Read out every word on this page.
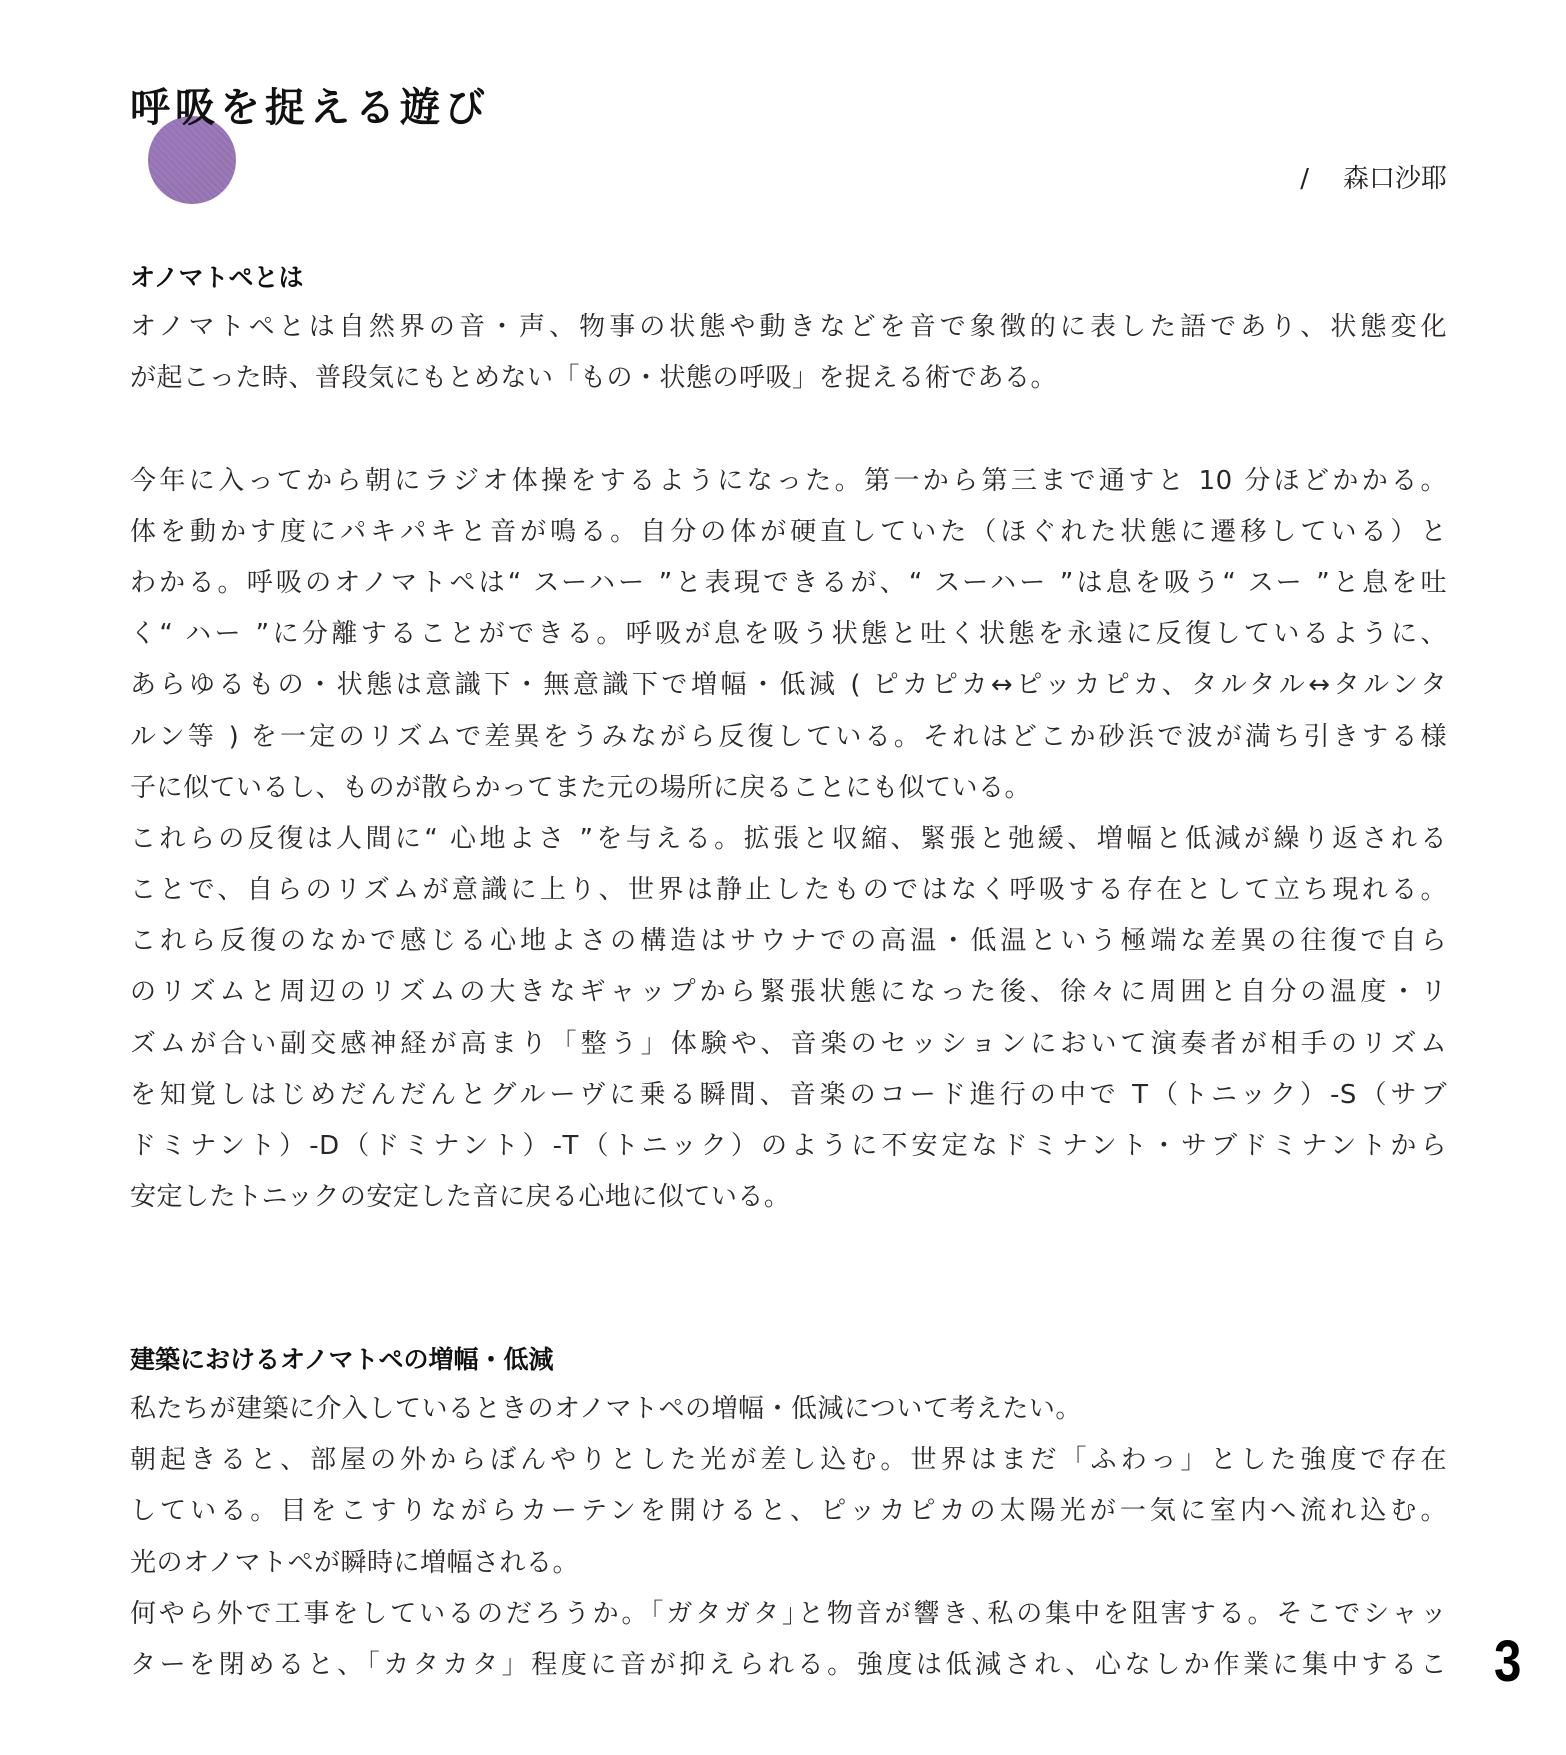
呼吸を捉える遊び
/ 森口沙耶
オノマトペとは
オノマトペとは自然界の音・声、物事の状態や動きなどを音で象徴的に表した語であり、状態変化
が起こった時、普段気にもとめない「もの・状態の呼吸」を捉える術である。
今年に入ってから朝にラジオ体操をするようになった。第一から第三まで通すと 10 分ほどかかる。
体を動かす度にパキパキと音が鳴る。自分の体が硬直していた（ほぐれた状態に遷移している）と
わかる。呼吸のオノマトペは“ スーハー ”と表現できるが、“ スーハー ”は息を吸う“ スー ”と息を吐
く“ ハー ”に分離することができる。呼吸が息を吸う状態と吐く状態を永遠に反復しているように、
あらゆるもの・状態は意識下・無意識下で増幅・低減 ( ピカピカ↔ピッカピカ、タルタル↔タルンタ
ルン等 ) を一定のリズムで差異をうみながら反復している。それはどこか砂浜で波が満ち引きする様
子に似ているし、ものが散らかってまた元の場所に戻ることにも似ている。
これらの反復は人間に“ 心地よさ ”を与える。拡張と収縮、緊張と弛緩、増幅と低減が繰り返される
ことで、自らのリズムが意識に上り、世界は静止したものではなく呼吸する存在として立ち現れる。
これら反復のなかで感じる心地よさの構造はサウナでの高温・低温という極端な差異の往復で自ら
のリズムと周辺のリズムの大きなギャップから緊張状態になった後、徐々に周囲と自分の温度・リ
ズムが合い副交感神経が高まり「整う」体験や、音楽のセッションにおいて演奏者が相手のリズム
を知覚しはじめだんだんとグルーヴに乗る瞬間、音楽のコード進行の中で T（トニック）-S（サブ
ドミナント）-D（ドミナント）-T（トニック）のように不安定なドミナント・サブドミナントから
安定したトニックの安定した音に戻る心地に似ている。
建築におけるオノマトペの増幅・低減
私たちが建築に介入しているときのオノマトペの増幅・低減について考えたい。
朝起きると、部屋の外からぼんやりとした光が差し込む。世界はまだ「ふわっ」とした強度で存在
している。目をこすりながらカーテンを開けると、ピッカピカの太陽光が一気に室内へ流れ込む。
光のオノマトペが瞬時に増幅される。
何やら外で工事をしているのだろうか。｢ガタガタ｣と物音が響き､私の集中を阻害する。そこでシャッ
ターを閉めると、「カタカタ」程度に音が抑えられる。強度は低減され、心なしか作業に集中するこ 3
